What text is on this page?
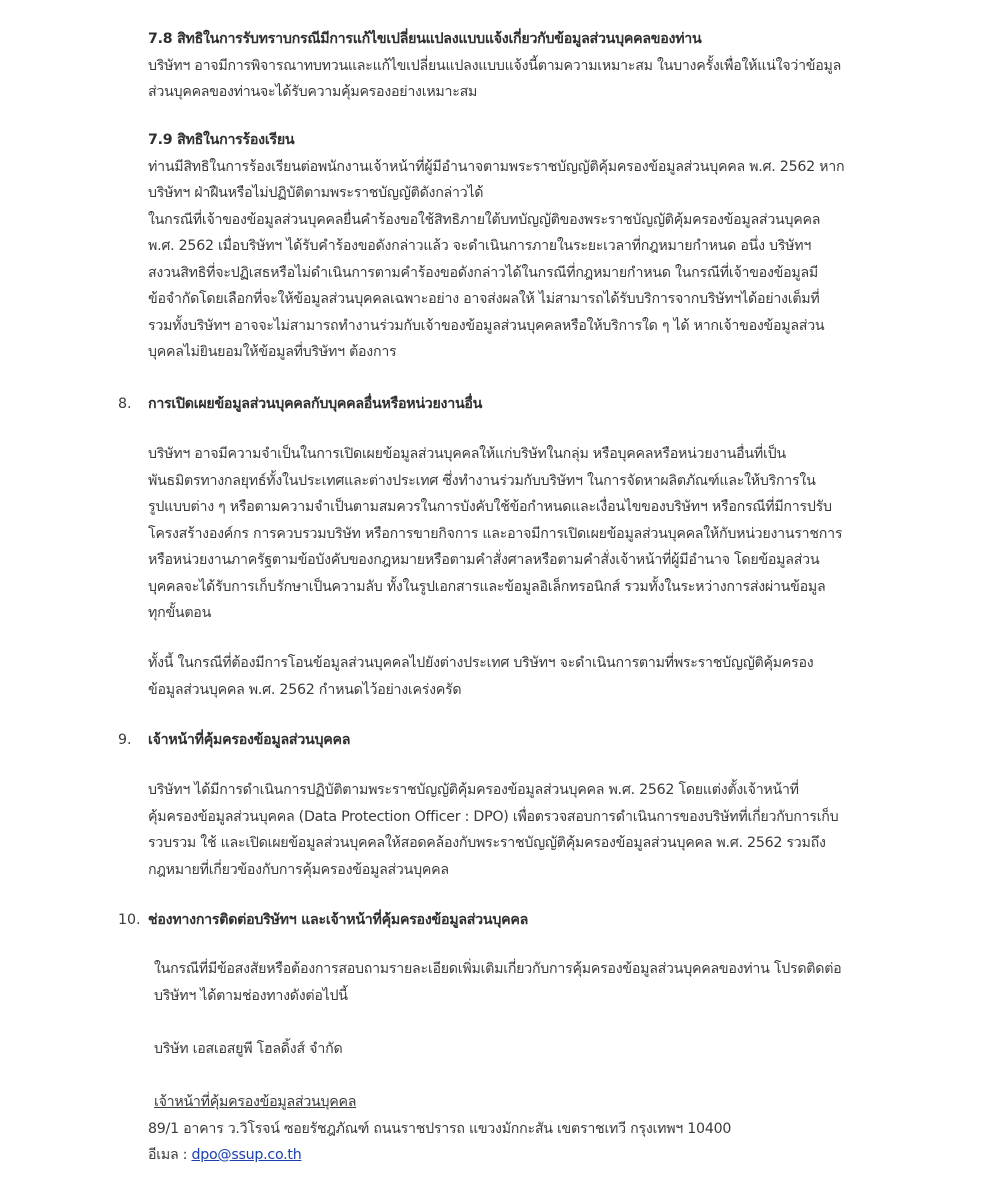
7.8 สิทธิในการรับทราบกรณีมีการแก้ไขเปลี่ยนแปลงแบบแจ้งเกี่ยวกับข้อมูลส่วนบุคคลของท่าน
บริษัทฯ อาจมีการพิจารณาทบทวนและแก้ไขเปลี่ยนแปลงแบบแจ้งนี้ตามความเหมาะสม ในบางครั้งเพื่อให้แน่ใจว่าข้อมูล
ส่วนบุคคลของท่านจะได้รับความคุ้มครองอย่างเหมาะสม
7.9 สิทธิในการร้องเรียน
ท่านมีสิทธิในการร้องเรียนต่อพนักงานเจ้าหน้าที่ผู้มีอำนาจตามพระราชบัญญัติคุ้มครองข้อมูลส่วนบุคคล พ.ศ. 2562 หาก
บริษัทฯ ฝ่าฝืนหรือไม่ปฏิบัติตามพระราชบัญญัติดังกล่าวได้
ในกรณีที่เจ้าของข้อมูลส่วนบุคคลยื่นคำร้องขอใช้สิทธิภายใต้บทบัญญัติของพระราชบัญญัติคุ้มครองข้อมูลส่วนบุคคล
พ.ศ. 2562 เมื่อบริษัทฯ ได้รับคำร้องขอดังกล่าวแล้ว จะดำเนินการภายในระยะเวลาที่กฎหมายกำหนด อนึ่ง บริษัทฯ
สงวนสิทธิที่จะปฏิเสธหรือไม่ดำเนินการตามคำร้องขอดังกล่าวได้ในกรณีที่กฎหมายกำหนด ในกรณีที่เจ้าของข้อมูลมี
ข้อจำกัดโดยเลือกที่จะให้ข้อมูลส่วนบุคคลเฉพาะอย่าง อาจส่งผลให้ ไม่สามารถได้รับบริการจากบริษัทฯได้อย่างเต็มที่
รวมทั้งบริษัทฯ อาจจะไม่สามารถทำงานร่วมกับเจ้าของข้อมูลส่วนบุคคลหรือให้บริการใด ๆ ได้ หากเจ้าของข้อมูลส่วน
บุคคลไม่ยินยอมให้ข้อมูลที่บริษัทฯ ต้องการ
8. การเปิดเผยข้อมูลส่วนบุคคลกับบุคคลอื่นหรือหน่วยงานอื่น
บริษัทฯ อาจมีความจำเป็นในการเปิดเผยข้อมูลส่วนบุคคลให้แก่บริษัทในกลุ่ม หรือบุคคลหรือหน่วยงานอื่นที่เป็น
พันธมิตรทางกลยุทธ์ทั้งในประเทศและต่างประเทศ ซึ่งทำงานร่วมกับบริษัทฯ ในการจัดหาผลิตภัณฑ์และให้บริการใน
รูปแบบต่าง ๆ หรือตามความจำเป็นตามสมควรในการบังคับใช้ข้อกำหนดและเงื่อนไขของบริษัทฯ หรือกรณีที่มีการปรับ
โครงสร้างองค์กร การควบรวมบริษัท หรือการขายกิจการ และอาจมีการเปิดเผยข้อมูลส่วนบุคคลให้กับหน่วยงานราชการ
หรือหน่วยงานภาครัฐตามข้อบังคับของกฎหมายหรือตามคำสั่งศาลหรือตามคำสั่งเจ้าหน้าที่ผู้มีอำนาจ โดยข้อมูลส่วน
บุคคลจะได้รับการเก็บรักษาเป็นความลับ ทั้งในรูปเอกสารและข้อมูลอิเล็กทรอนิกส์ รวมทั้งในระหว่างการส่งผ่านข้อมูล
ทุกขั้นตอน
ทั้งนี้ ในกรณีที่ต้องมีการโอนข้อมูลส่วนบุคคลไปยังต่างประเทศ บริษัทฯ จะดำเนินการตามที่พระราชบัญญัติคุ้มครอง
ข้อมูลส่วนบุคคล พ.ศ. 2562 กำหนดไว้อย่างเคร่งครัด
9. เจ้าหน้าที่คุ้มครองข้อมูลส่วนบุคคล
บริษัทฯ ได้มีการดำเนินการปฏิบัติตามพระราชบัญญัติคุ้มครองข้อมูลส่วนบุคคล พ.ศ. 2562 โดยแต่งตั้งเจ้าหน้าที่
คุ้มครองข้อมูลส่วนบุคคล (Data Protection Officer : DPO) เพื่อตรวจสอบการดำเนินการของบริษัทที่เกี่ยวกับการเก็บ
รวบรวม ใช้ และเปิดเผยข้อมูลส่วนบุคคลให้สอดคล้องกับพระราชบัญญัติคุ้มครองข้อมูลส่วนบุคคล พ.ศ. 2562 รวมถึง
กฎหมายที่เกี่ยวข้องกับการคุ้มครองข้อมูลส่วนบุคคล
10. ช่องทางการติดต่อบริษัทฯ และเจ้าหน้าที่คุ้มครองข้อมูลส่วนบุคคล
ในกรณีที่มีข้อสงสัยหรือต้องการสอบถามรายละเอียดเพิ่มเติมเกี่ยวกับการคุ้มครองข้อมูลส่วนบุคคลของท่าน โปรดติดต่อ
บริษัทฯ ได้ตามช่องทางดังต่อไปนี้
บริษัท เอสเอสยูพี โฮลดิ้งส์ จำกัด
เจ้าหน้าที่คุ้มครองข้อมูลส่วนบุคคล
89/1 อาคาร ว.วิโรจน์ ซอยรัชฎภัณฑ์ ถนนราชปรารถ แขวงมักกะสัน เขตราชเทวี กรุงเทพฯ 10400
อีเมล : dpo@ssup.co.th
